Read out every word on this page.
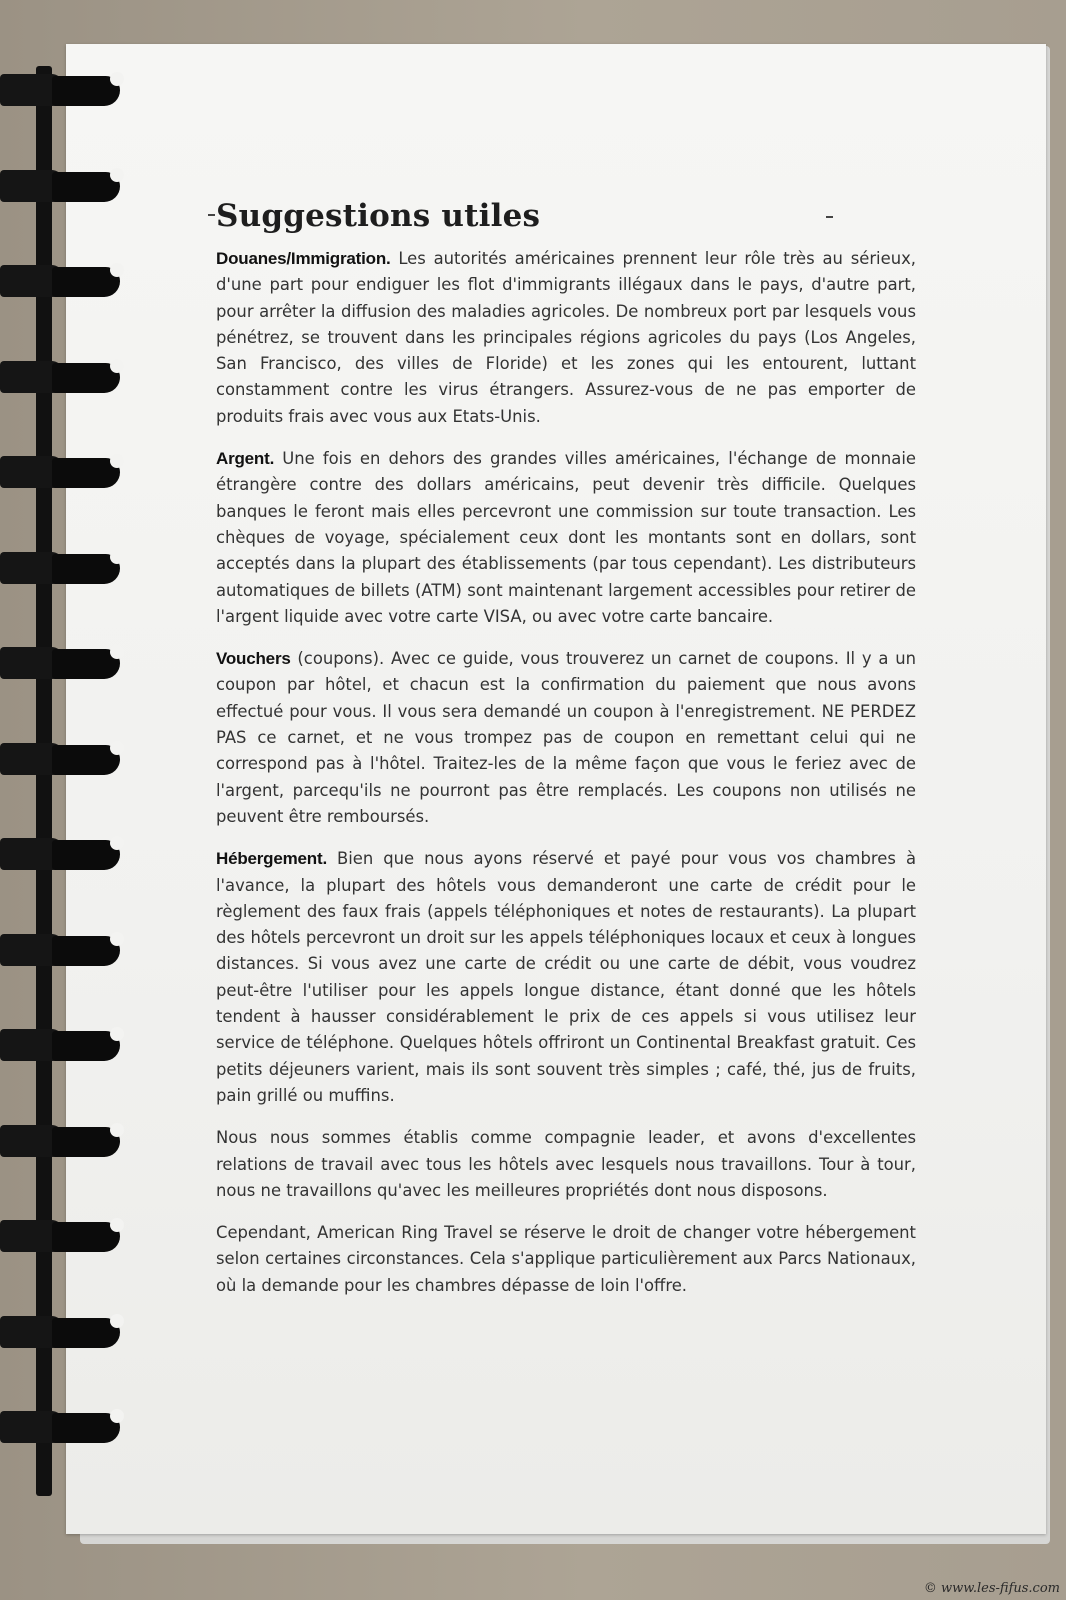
Suggestions utiles

Douanes/Immigration. Les autorités américaines prennent leur rôle très au sérieux, d'une part pour endiguer les flot d'immigrants illégaux dans le pays, d'autre part, pour arrêter la diffusion des maladies agricoles. De nombreux port par lesquels vous pénétrez, se trouvent dans les principales régions agricoles du pays (Los Angeles, San Francisco, des villes de Floride) et les zones qui les entourent, luttant constamment contre les virus étrangers. Assurez-vous de ne pas emporter de produits frais avec vous aux Etats-Unis.

Argent. Une fois en dehors des grandes villes américaines, l'échange de monnaie étrangère contre des dollars américains, peut devenir très difficile. Quelques banques le feront mais elles percevront une commission sur toute transaction. Les chèques de voyage, spécialement ceux dont les montants sont en dollars, sont acceptés dans la plupart des établissements (par tous cependant). Les distributeurs automatiques de billets (ATM) sont maintenant largement accessibles pour retirer de l'argent liquide avec votre carte VISA, ou avec votre carte bancaire.

Vouchers (coupons). Avec ce guide, vous trouverez un carnet de coupons. Il y a un coupon par hôtel, et chacun est la confirmation du paiement que nous avons effectué pour vous. Il vous sera demandé un coupon à l'enregistrement. NE PERDEZ PAS ce carnet, et ne vous trompez pas de coupon en remettant celui qui ne correspond pas à l'hôtel. Traitez-les de la même façon que vous le feriez avec de l'argent, parcequ'ils ne pourront pas être remplacés. Les coupons non utilisés ne peuvent être remboursés.

Hébergement. Bien que nous ayons réservé et payé pour vous vos chambres à l'avance, la plupart des hôtels vous demanderont une carte de crédit pour le règlement des faux frais (appels téléphoniques et notes de restaurants). La plupart des hôtels percevront un droit sur les appels téléphoniques locaux et ceux à longues distances. Si vous avez une carte de crédit ou une carte de débit, vous voudrez peut-être l'utiliser pour les appels longue distance, étant donné que les hôtels tendent à hausser considérablement le prix de ces appels si vous utilisez leur service de téléphone. Quelques hôtels offriront un Continental Breakfast gratuit. Ces petits déjeuners varient, mais ils sont souvent très simples ; café, thé, jus de fruits, pain grillé ou muffins.

Nous nous sommes établis comme compagnie leader, et avons d'excellentes relations de travail avec tous les hôtels avec lesquels nous travaillons. Tour à tour, nous ne travaillons qu'avec les meilleures propriétés dont nous disposons.

Cependant, American Ring Travel se réserve le droit de changer votre hébergement selon certaines circonstances. Cela s'applique particulièrement aux Parcs Nationaux, où la demande pour les chambres dépasse de loin l'offre.

© www.les-fifus.com
